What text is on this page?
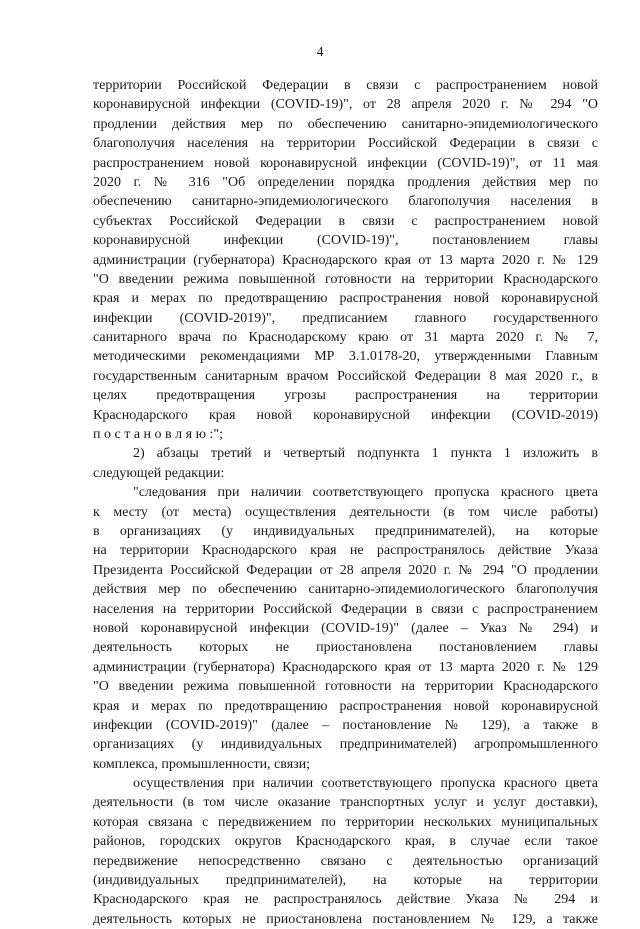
4
территории Российской Федерации в связи с распространением новой
коронавирусной инфекции (COVID-19)", от 28 апреля 2020 г. № 294 "О
продлении действия мер по обеспечению санитарно-эпидемиологического
благополучия населения на территории Российской Федерации в связи с
распространением новой коронавирусной инфекции (COVID-19)", от 11 мая
2020 г. № 316 "Об определении порядка продления действия мер по
обеспечению санитарно-эпидемиологического благополучия населения в
субъектах Российской Федерации в связи с распространением новой
коронавирусной инфекции (COVID-19)", постановлением главы
администрации (губернатора) Краснодарского края от 13 марта 2020 г. № 129
"О введении режима повышенной готовности на территории Краснодарского
края и мерах по предотвращению распространения новой коронавирусной
инфекции (COVID-2019)", предписанием главного государственного
санитарного врача по Краснодарскому краю от 31 марта 2020 г. № 7,
методическими рекомендациями МР 3.1.0178-20, утвержденными Главным
государственным санитарным врачом Российской Федерации 8 мая 2020 г., в
целях предотвращения угрозы распространения на территории
Краснодарского края новой коронавирусной инфекции (COVID-2019)
п о с т а н о в л я ю :";
2) абзацы третий и четвертый подпункта 1 пункта 1 изложить в
следующей редакции:
"следования при наличии соответствующего пропуска красного цвета
к месту (от места) осуществления деятельности (в том числе работы)
в организациях (у индивидуальных предпринимателей), на которые
на территории Краснодарского края не распространялось действие Указа
Президента Российской Федерации от 28 апреля 2020 г. № 294 "О продлении
действия мер по обеспечению санитарно-эпидемиологического благополучия
населения на территории Российской Федерации в связи с распространением
новой коронавирусной инфекции (COVID-19)" (далее – Указ № 294) и
деятельность которых не приостановлена постановлением главы
администрации (губернатора) Краснодарского края от 13 марта 2020 г. № 129
"О введении режима повышенной готовности на территории Краснодарского
края и мерах по предотвращению распространения новой коронавирусной
инфекции (COVID-2019)" (далее – постановление № 129), а также в
организациях (у индивидуальных предпринимателей) агропромышленного
комплекса, промышленности, связи;
осуществления при наличии соответствующего пропуска красного цвета
деятельности (в том числе оказание транспортных услуг и услуг доставки),
которая связана с передвижением по территории нескольких муниципальных
районов, городских округов Краснодарского края, в случае если такое
передвижение непосредственно связано с деятельностью организаций
(индивидуальных предпринимателей), на которые на территории
Краснодарского края не распространялось действие Указа № 294 и
деятельность которых не приостановлена постановлением № 129, а также
